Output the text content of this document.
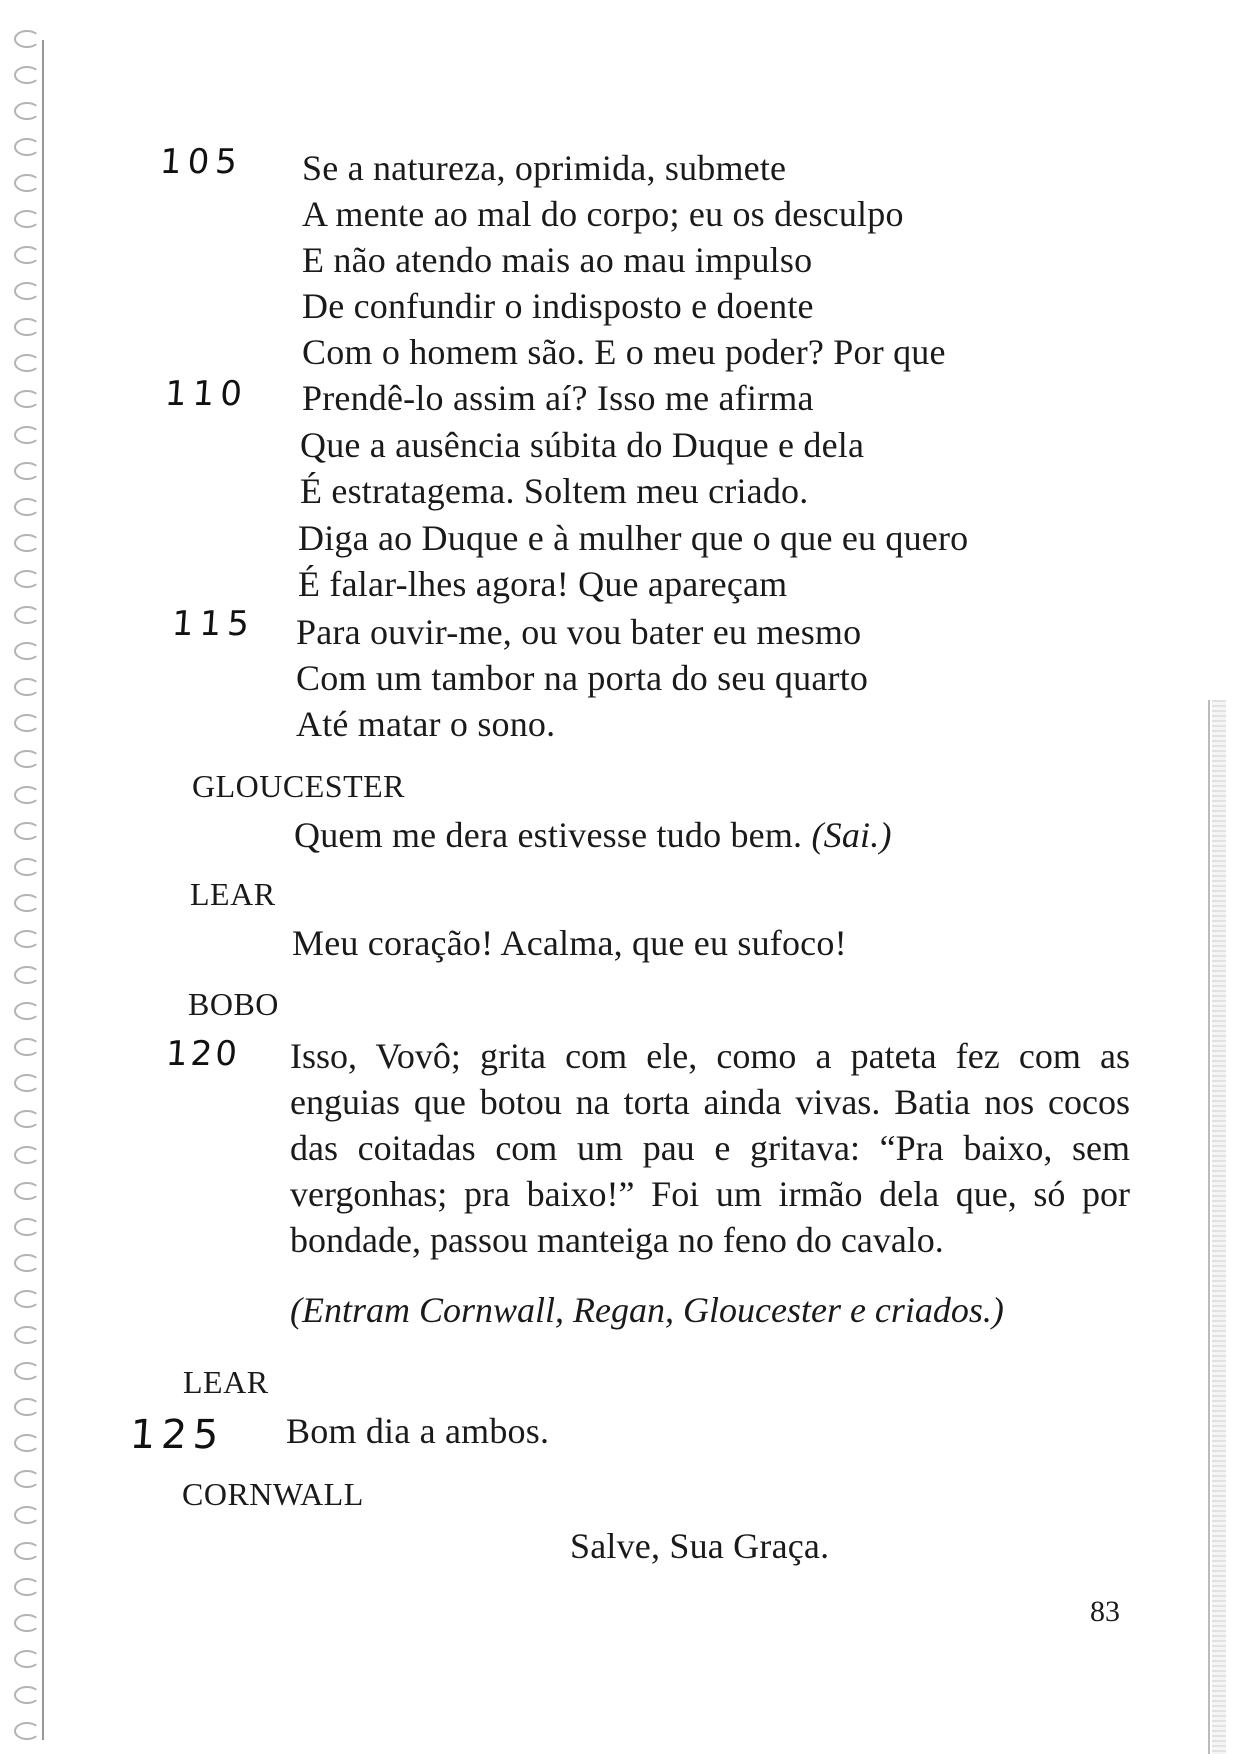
105
110
115
120
125
Se a natureza, oprimida, submete
A mente ao mal do corpo; eu os desculpo
E não atendo mais ao mau impulso
De confundir o indisposto e doente
Com o homem são. E o meu poder? Por que
Prendê-lo assim aí? Isso me afirma
Que a ausência súbita do Duque e dela
É estratagema. Soltem meu criado.
Diga ao Duque e à mulher que o que eu quero
É falar-lhes agora! Que apareçam
Para ouvir-me, ou vou bater eu mesmo
Com um tambor na porta do seu quarto
Até matar o sono.
GLOUCESTER
Quem me dera estivesse tudo bem. (Sai.)
LEAR
Meu coração! Acalma, que eu sufoco!
BOBO
Isso, Vovô; grita com ele, como a pateta fez com as enguias que botou na torta ainda vivas. Batia nos cocos das coitadas com um pau e gritava: “Pra baixo, sem vergonhas; pra baixo!” Foi um irmão dela que, só por bondade, passou manteiga no feno do cavalo.
(Entram Cornwall, Regan, Gloucester e criados.)
LEAR
Bom dia a ambos.
CORNWALL
Salve, Sua Graça.
83
